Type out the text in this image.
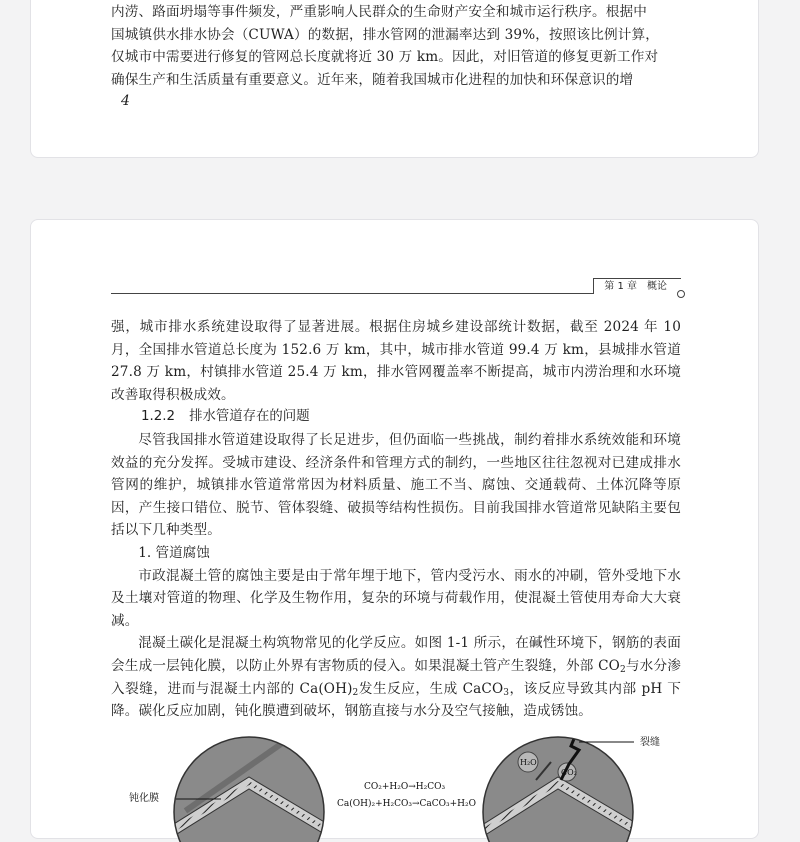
内涝、路面坍塌等事件频发，严重影响人民群众的生命财产安全和城市运行秩序。根据中

国城镇供水排水协会（CUWA）的数据，排水管网的泄漏率达到 39%，按照该比例计算，

仅城市中需要进行修复的管网总长度就将近 30 万 km。因此，对旧管道的修复更新工作对

确保生产和生活质量有重要意义。近年来，随着我国城市化进程的加快和环保意识的增

4
第 1 章 概论

强，城市排水系统建设取得了显著进展。根据住房城乡建设部统计数据，截至 2024 年 10 月，全国排水管道总长度为 152.6 万 km，其中，城市排水管道 99.4 万 km，县城排水管道 27.8 万 km，村镇排水管道 25.4 万 km，排水管网覆盖率不断提高，城市内涝治理和水环境改善取得积极成效。

1.2.2 排水管道存在的问题

尽管我国排水管道建设取得了长足进步，但仍面临一些挑战，制约着排水系统效能和环境效益的充分发挥。受城市建设、经济条件和管理方式的制约，一些地区往往忽视对已建成排水管网的维护，城镇排水管道常常因为材料质量、施工不当、腐蚀、交通载荷、土体沉降等原因，产生接口错位、脱节、管体裂缝、破损等结构性损伤。目前我国排水管道常见缺陷主要包括以下几种类型。

1. 管道腐蚀

市政混凝土管的腐蚀主要是由于常年埋于地下，管内受污水、雨水的冲刷，管外受地下水及土壤对管道的物理、化学及生物作用，复杂的环境与荷载作用，使混凝土管使用寿命大大衰减。

混凝土碳化是混凝土构筑物常见的化学反应。如图 1-1 所示，在碱性环境下，钢筋的表面会生成一层钝化膜，以防止外界有害物质的侵入。如果混凝土管产生裂缝，外部 $CO_2$与水分渗入裂缝，进而与混凝土内部的 $Ca(OH)_2$发生反应，生成 CaCO$_3$，该反应导致其内部 pH 下降。碳化反应加剧，钝化膜遭到破坏，钢筋直接与水分及空气接触，造成锈蚀。

钝化膜
CO₂+H₂O→H₂CO₃
Ca(OH)₂+H₂CO₃→CaCO₃+H₂O
H₂O
CO₂
裂缝
